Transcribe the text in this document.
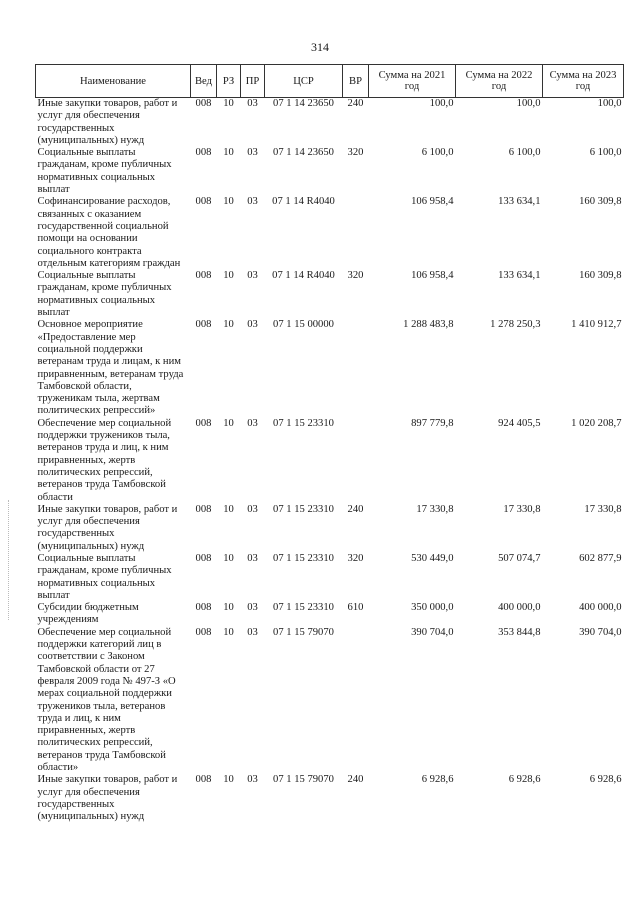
314
Наименование	Вед	РЗ	ПР	ЦСР	ВР	Сумма на 2021 год	Сумма на 2022 год	Сумма на 2023 год
Иные закупки товаров, работ и услуг для обеспечения государственных (муниципальных) нужд	008	10	03	07 1 14 23650	240	100,0	100,0	100,0
Социальные выплаты гражданам, кроме публичных нормативных социальных выплат	008	10	03	07 1 14 23650	320	6 100,0	6 100,0	6 100,0
Софинансирование расходов, связанных с оказанием государственной социальной помощи на основании социального контракта отдельным категориям граждан	008	10	03	07 1 14 R4040		106 958,4	133 634,1	160 309,8
Социальные выплаты гражданам, кроме публичных нормативных социальных выплат	008	10	03	07 1 14 R4040	320	106 958,4	133 634,1	160 309,8
Основное мероприятие «Предоставление мер социальной поддержки ветеранам труда и лицам, к ним приравненным, ветеранам труда Тамбовской области, труженикам тыла, жертвам политических репрессий»	008	10	03	07 1 15 00000		1 288 483,8	1 278 250,3	1 410 912,7
Обеспечение мер социальной поддержки тружеников тыла, ветеранов труда и лиц, к ним приравненных, жертв политических репрессий, ветеранов труда Тамбовской области	008	10	03	07 1 15 23310		897 779,8	924 405,5	1 020 208,7
Иные закупки товаров, работ и услуг для обеспечения государственных (муниципальных) нужд	008	10	03	07 1 15 23310	240	17 330,8	17 330,8	17 330,8
Социальные выплаты гражданам, кроме публичных нормативных социальных выплат	008	10	03	07 1 15 23310	320	530 449,0	507 074,7	602 877,9
Субсидии бюджетным учреждениям	008	10	03	07 1 15 23310	610	350 000,0	400 000,0	400 000,0
Обеспечение мер социальной поддержки категорий лиц в соответствии с Законом Тамбовской области от 27 февраля 2009 года № 497-З «О мерах социальной поддержки тружеников тыла, ветеранов труда и лиц, к ним приравненных, жертв политических репрессий, ветеранов труда Тамбовской области»	008	10	03	07 1 15 79070		390 704,0	353 844,8	390 704,0
Иные закупки товаров, работ и услуг для обеспечения государственных (муниципальных) нужд	008	10	03	07 1 15 79070	240	6 928,6	6 928,6	6 928,6
